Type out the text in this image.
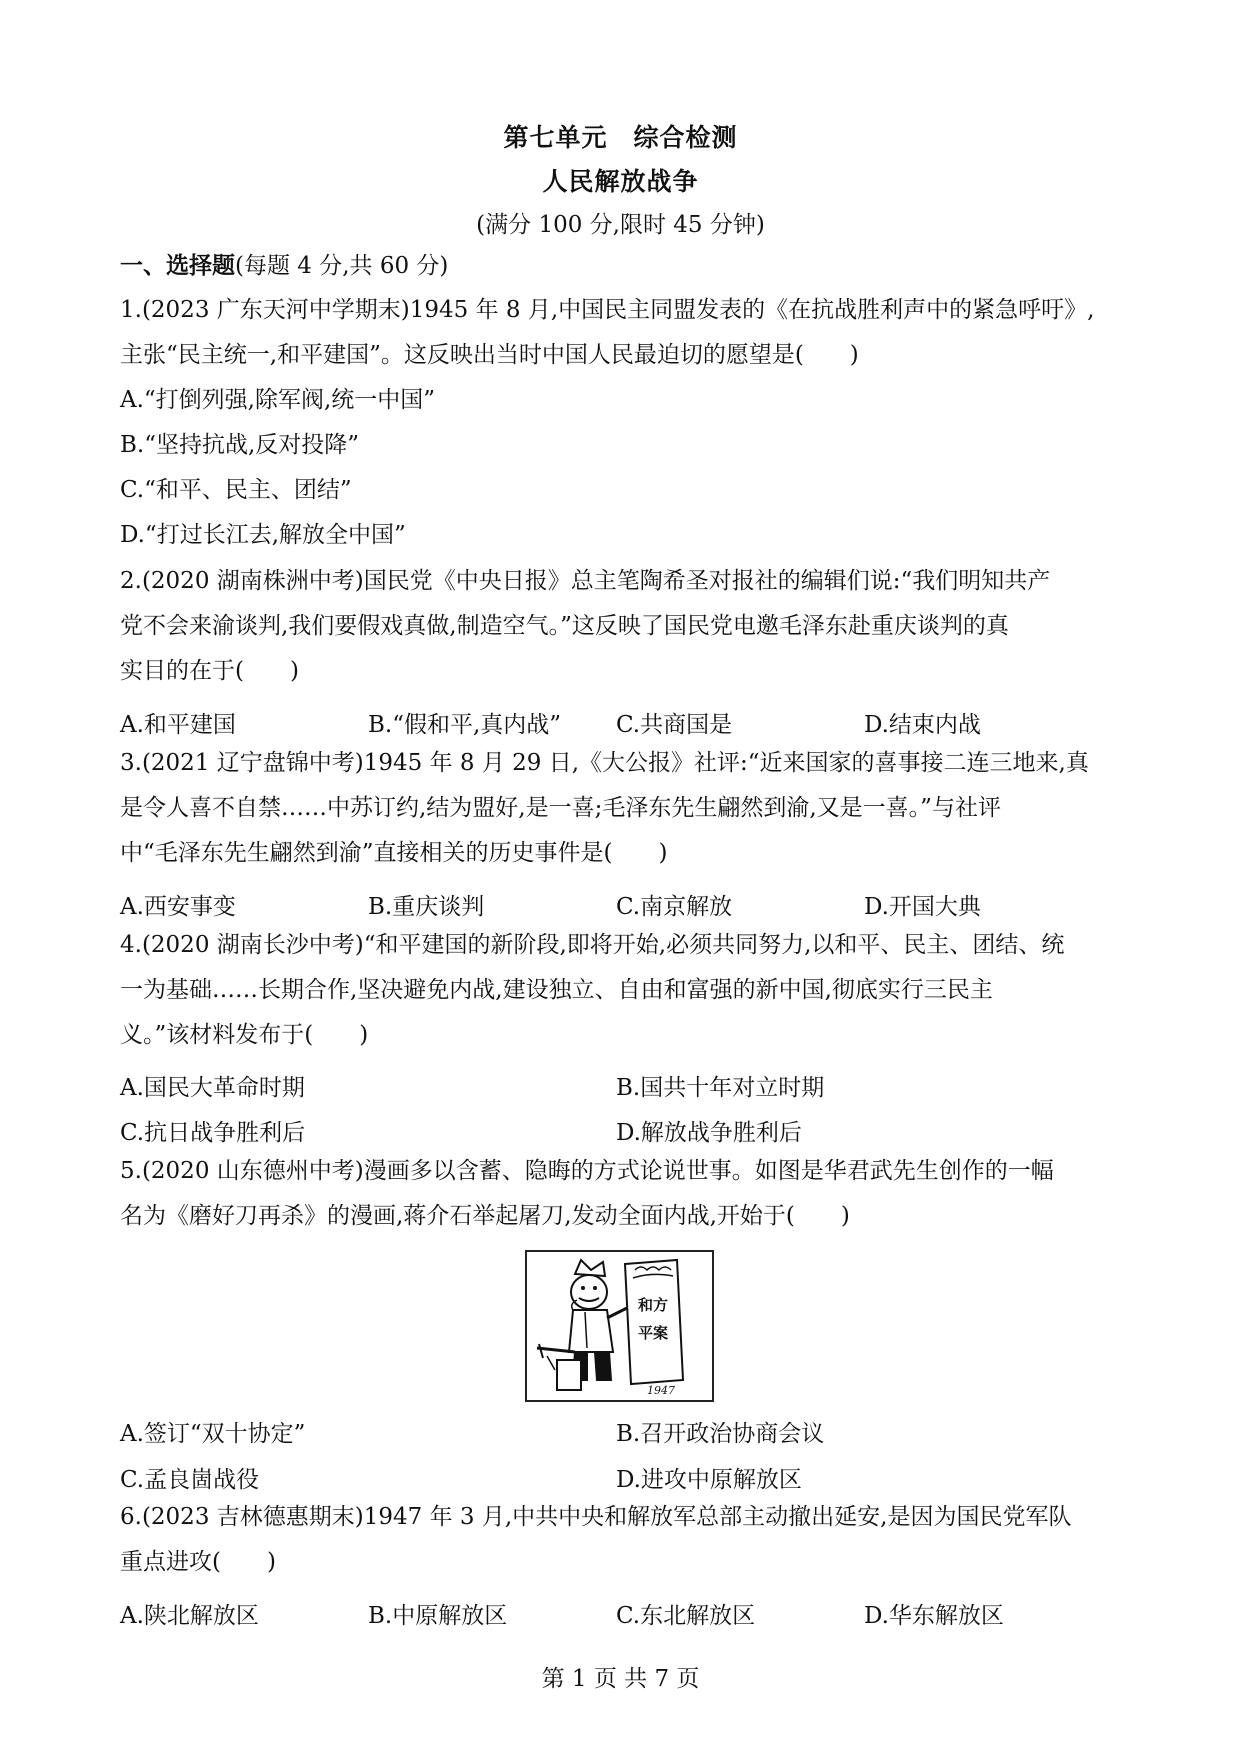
第七单元　综合检测
人民解放战争
(满分 100 分,限时 45 分钟)
一、选择题(每题 4 分,共 60 分)
1.(2023 广东天河中学期末)1945 年 8 月,中国民主同盟发表的《在抗战胜利声中的紧急呼吁》,
主张“民主统一,和平建国”。这反映出当时中国人民最迫切的愿望是(　　)
A.“打倒列强,除军阀,统一中国”
B.“坚持抗战,反对投降”
C.“和平、民主、团结”
D.“打过长江去,解放全中国”
2.(2020 湖南株洲中考)国民党《中央日报》总主笔陶希圣对报社的编辑们说:“我们明知共产
党不会来渝谈判,我们要假戏真做,制造空气。”这反映了国民党电邀毛泽东赴重庆谈判的真
实目的在于(　　)
A.和平建国	B.“假和平,真内战” C.共商国是	D.结束内战
3.(2021 辽宁盘锦中考)1945 年 8 月 29 日,《大公报》社评:“近来国家的喜事接二连三地来,真
是令人喜不自禁……中苏订约,结为盟好,是一喜;毛泽东先生翩然到渝,又是一喜。”与社评
中“毛泽东先生翩然到渝”直接相关的历史事件是(　　)
A.西安事变	B.重庆谈判	C.南京解放	D.开国大典
4.(2020 湖南长沙中考)“和平建国的新阶段,即将开始,必须共同努力,以和平、民主、团结、统
一为基础……长期合作,坚决避免内战,建设独立、自由和富强的新中国,彻底实行三民主
义。”该材料发布于(　　)
A.国民大革命时期	B.国共十年对立时期
C.抗日战争胜利后	D.解放战争胜利后
5.(2020 山东德州中考)漫画多以含蓄、隐晦的方式论说世事。如图是华君武先生创作的一幅
名为《磨好刀再杀》的漫画,蒋介石举起屠刀,发动全面内战,开始于(　　)
和方
平案
1947
A.签订“双十协定”	B.召开政治协商会议
C.孟良崮战役	D.进攻中原解放区
6.(2023 吉林德惠期末)1947 年 3 月,中共中央和解放军总部主动撤出延安,是因为国民党军队
重点进攻(　　)
A.陕北解放区	B.中原解放区	C.东北解放区	D.华东解放区
第 1 页 共 7 页
